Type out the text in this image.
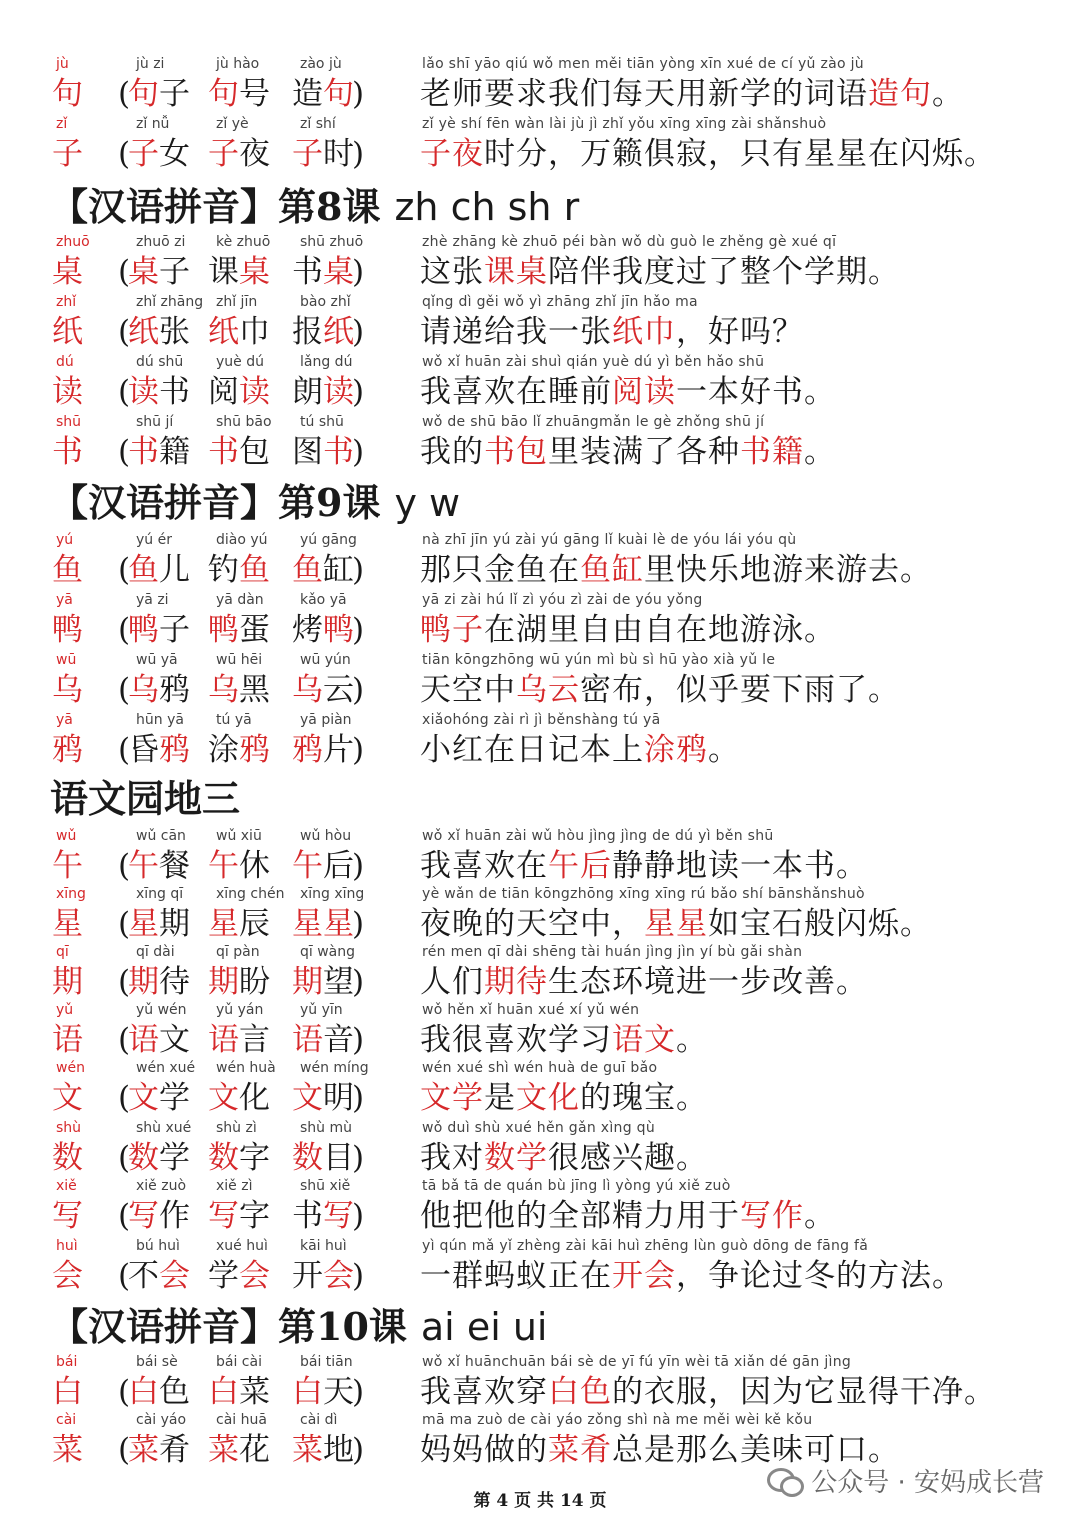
jù
句 (
jù zi
句子
jù hào
句号
zào jù
造句
)
lǎo shī yāo qiú wǒ men měi tiān yòng xīn xué de cí yǔ zào jù
老师要求我们每天用新学的词语造句。
zǐ
子 (
zǐ nǚ
子女
zǐ yè
子夜
zǐ shí
子时
)
zǐ yè shí fēn wàn lài jù jì zhǐ yǒu xīng xīng zài shǎnshuò
子夜时分，万籁俱寂，只有星星在闪烁。
【汉语拼音】第8课 zh ch sh r
zhuō
桌 (
zhuō zi
桌子
kè zhuō
课桌
shū zhuō
书桌
)
zhè zhāng kè zhuō péi bàn wǒ dù guò le zhěng gè xué qī
这张课桌陪伴我度过了整个学期。
zhǐ
纸 (
zhǐ zhāng
纸张
zhǐ jīn
纸巾
bào zhǐ
报纸
)
qǐng dì gěi wǒ yì zhāng zhǐ jīn hǎo ma
请递给我一张纸巾，好吗？
dú
读 (
dú shū
读书
yuè dú
阅读
lǎng dú
朗读
)
wǒ xǐ huān zài shuì qián yuè dú yì běn hǎo shū
我喜欢在睡前阅读一本好书。
shū
书 (
shū jí
书籍
shū bāo
书包
tú shū
图书
)
wǒ de shū bāo lǐ zhuāngmǎn le gè zhǒng shū jí
我的书包里装满了各种书籍。
【汉语拼音】第9课 y w
yú
鱼 (
yú ér
鱼儿
diào yú
钓鱼
yú gāng
鱼缸
)
nà zhī jīn yú zài yú gāng lǐ kuài lè de yóu lái yóu qù
那只金鱼在鱼缸里快乐地游来游去。
yā
鸭 (
yā zi
鸭子
yā dàn
鸭蛋
kǎo yā
烤鸭
)
yā zi zài hú lǐ zì yóu zì zài de yóu yǒng
鸭子在湖里自由自在地游泳。
wū
乌 (
wū yā
乌鸦
wū hēi
乌黑
wū yún
乌云
)
tiān kōngzhōng wū yún mì bù sì hū yào xià yǔ le
天空中乌云密布，似乎要下雨了。
yā
鸦 (
hūn yā
昏鸦
tú yā
涂鸦
yā piàn
鸦片
)
xiǎohóng zài rì jì běnshàng tú yā
小红在日记本上涂鸦。
语文园地三
wǔ
午 (
wǔ cān
午餐
wǔ xiū
午休
wǔ hòu
午后
)
wǒ xǐ huān zài wǔ hòu jìng jìng de dú yì běn shū
我喜欢在午后静静地读一本书。
xīng
星 (
xīng qī
星期
xīng chén
星辰
xīng xīng
星星
)
yè wǎn de tiān kōngzhōng xīng xīng rú bǎo shí bānshǎnshuò
夜晚的天空中，星星如宝石般闪烁。
qī
期 (
qī dài
期待
qī pàn
期盼
qī wàng
期望
)
rén men qī dài shēng tài huán jìng jìn yí bù gǎi shàn
人们期待生态环境进一步改善。
yǔ
语 (
yǔ wén
语文
yǔ yán
语言
yǔ yīn
语音
)
wǒ hěn xǐ huān xué xí yǔ wén
我很喜欢学习语文。
wén
文 (
wén xué
文学
wén huà
文化
wén míng
文明
)
wén xué shì wén huà de guī bǎo
文学是文化的瑰宝。
shù
数 (
shù xué
数学
shù zì
数字
shù mù
数目
)
wǒ duì shù xué hěn gǎn xìng qù
我对数学很感兴趣。
xiě
写 (
xiě zuò
写作
xiě zì
写字
shū xiě
书写
)
tā bǎ tā de quán bù jīng lì yòng yú xiě zuò
他把他的全部精力用于写作。
huì
会 (
bú huì
不会
xué huì
学会
kāi huì
开会
)
yì qún mǎ yǐ zhèng zài kāi huì zhēng lùn guò dōng de fāng fǎ
一群蚂蚁正在开会，争论过冬的方法。
【汉语拼音】第10课 ai ei ui
bái
白 (
bái sè
白色
bái cài
白菜
bái tiān
白天
)
wǒ xǐ huānchuān bái sè de yī fú yīn wèi tā xiǎn dé gān jìng
我喜欢穿白色的衣服，因为它显得干净。
cài
菜 (
cài yáo
菜肴
cài huā
菜花
cài dì
菜地
)
mā ma zuò de cài yáo zǒng shì nà me měi wèi kě kǒu
妈妈做的菜肴总是那么美味可口。
第 4 页 共 14 页
公众号 · 安妈成长营
